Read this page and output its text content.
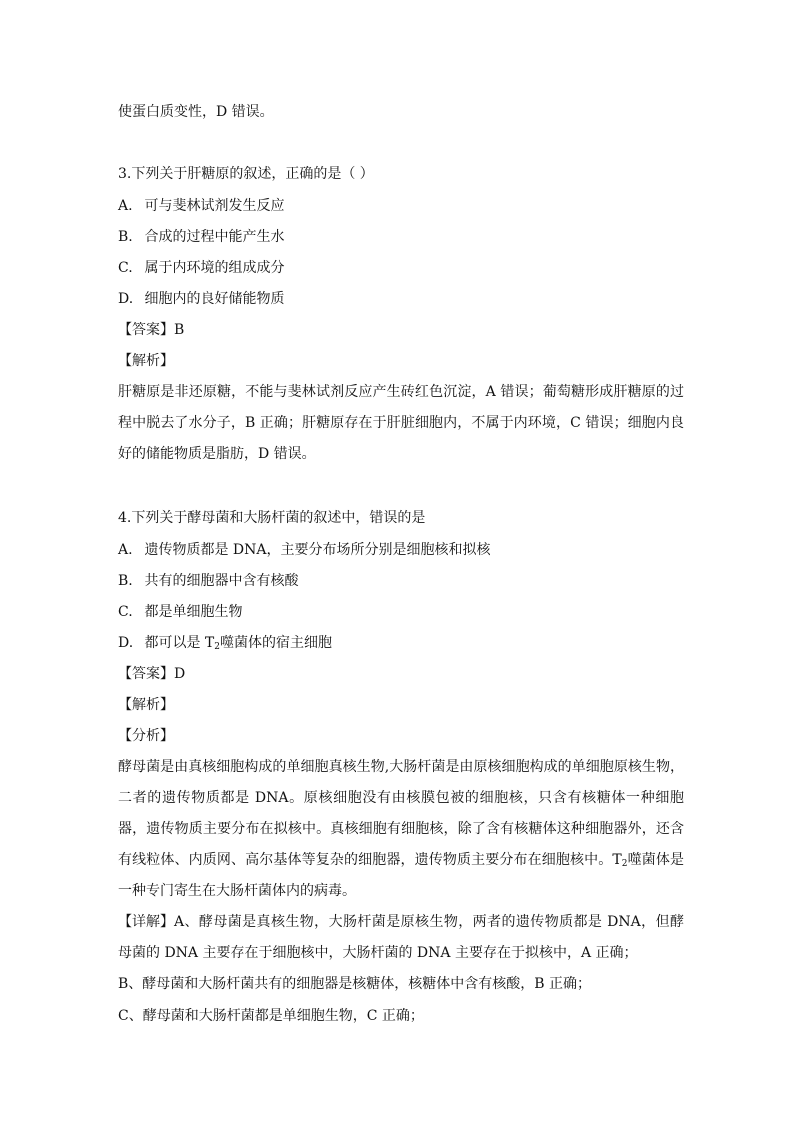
使蛋白质变性，D 错误。
3.下列关于肝糖原的叙述，正确的是（ ）
A. 可与斐林试剂发生反应
B. 合成的过程中能产生水
C. 属于内环境的组成成分
D. 细胞内的良好储能物质
【答案】B
【解析】
肝糖原是非还原糖，不能与斐林试剂反应产生砖红色沉淀，A 错误；葡萄糖形成肝糖原的过程中脱去了水分子，B 正确；肝糖原存在于肝脏细胞内，不属于内环境，C 错误；细胞内良好的储能物质是脂肪，D 错误。
4.下列关于酵母菌和大肠杆菌的叙述中，错误的是
A. 遗传物质都是 DNA，主要分布场所分别是细胞核和拟核
B. 共有的细胞器中含有核酸
C. 都是单细胞生物
D. 都可以是 $T_2$噬菌体的宿主细胞
【答案】D
【解析】
【分析】
酵母菌是由真核细胞构成的单细胞真核生物,大肠杆菌是由原核细胞构成的单细胞原核生物，二者的遗传物质都是 DNA。原核细胞没有由核膜包被的细胞核，只含有核糖体一种细胞器，遗传物质主要分布在拟核中。真核细胞有细胞核，除了含有核糖体这种细胞器外，还含有线粒体、内质网、高尔基体等复杂的细胞器，遗传物质主要分布在细胞核中。$T_2$噬菌体是一种专门寄生在大肠杆菌体内的病毒。
【详解】 A、酵母菌是真核生物，大肠杆菌是原核生物，两者的遗传物质都是 DNA，但酵母菌的 DNA 主要存在于细胞核中，大肠杆菌的 DNA 主要存在于拟核中，A 正确；
B、酵母菌和大肠杆菌共有的细胞器是核糖体，核糖体中含有核酸，B 正确；
C、酵母菌和大肠杆菌都是单细胞生物，C 正确；
